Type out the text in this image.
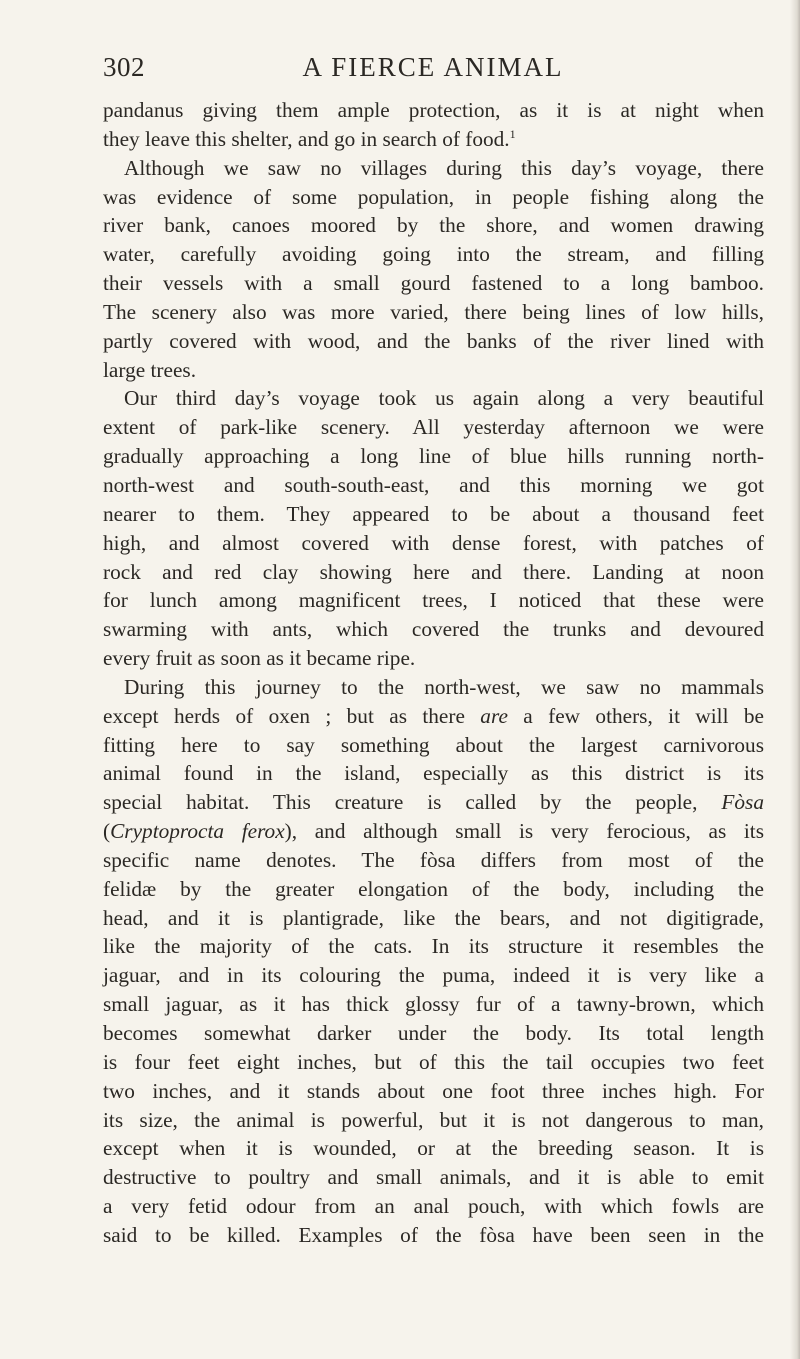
302	A FIERCE ANIMAL
pandanus giving them ample protection, as it is at night when
they leave this shelter, and go in search of food.$^1$
Although we saw no villages during this day’s voyage, there
was evidence of some population, in people fishing along the
river bank, canoes moored by the shore, and women drawing
water, carefully avoiding going into the stream, and filling
their vessels with a small gourd fastened to a long bamboo.
The scenery also was more varied, there being lines of low hills,
partly covered with wood, and the banks of the river lined with
large trees.
Our third day’s voyage took us again along a very beautiful
extent of park-like scenery. All yesterday afternoon we were
gradually approaching a long line of blue hills running north-
north-west and south-south-east, and this morning we got
nearer to them. They appeared to be about a thousand feet
high, and almost covered with dense forest, with patches of
rock and red clay showing here and there. Landing at noon
for lunch among magnificent trees, I noticed that these were
swarming with ants, which covered the trunks and devoured
every fruit as soon as it became ripe.
During this journey to the north-west, we saw no mammals
except herds of oxen ; but as there are a few others, it will be
fitting here to say something about the largest carnivorous
animal found in the island, especially as this district is its
special habitat. This creature is called by the people, Fòsa
(Cryptoprocta ferox), and although small is very ferocious, as its
specific name denotes. The fòsa differs from most of the
felidæ by the greater elongation of the body, including the
head, and it is plantigrade, like the bears, and not digitigrade,
like the majority of the cats. In its structure it resembles the
jaguar, and in its colouring the puma, indeed it is very like a
small jaguar, as it has thick glossy fur of a tawny-brown, which
becomes somewhat darker under the body. Its total length
is four feet eight inches, but of this the tail occupies two feet
two inches, and it stands about one foot three inches high. For
its size, the animal is powerful, but it is not dangerous to man,
except when it is wounded, or at the breeding season. It is
destructive to poultry and small animals, and it is able to emit
a very fetid odour from an anal pouch, with which fowls are
said to be killed. Examples of the fòsa have been seen in the
